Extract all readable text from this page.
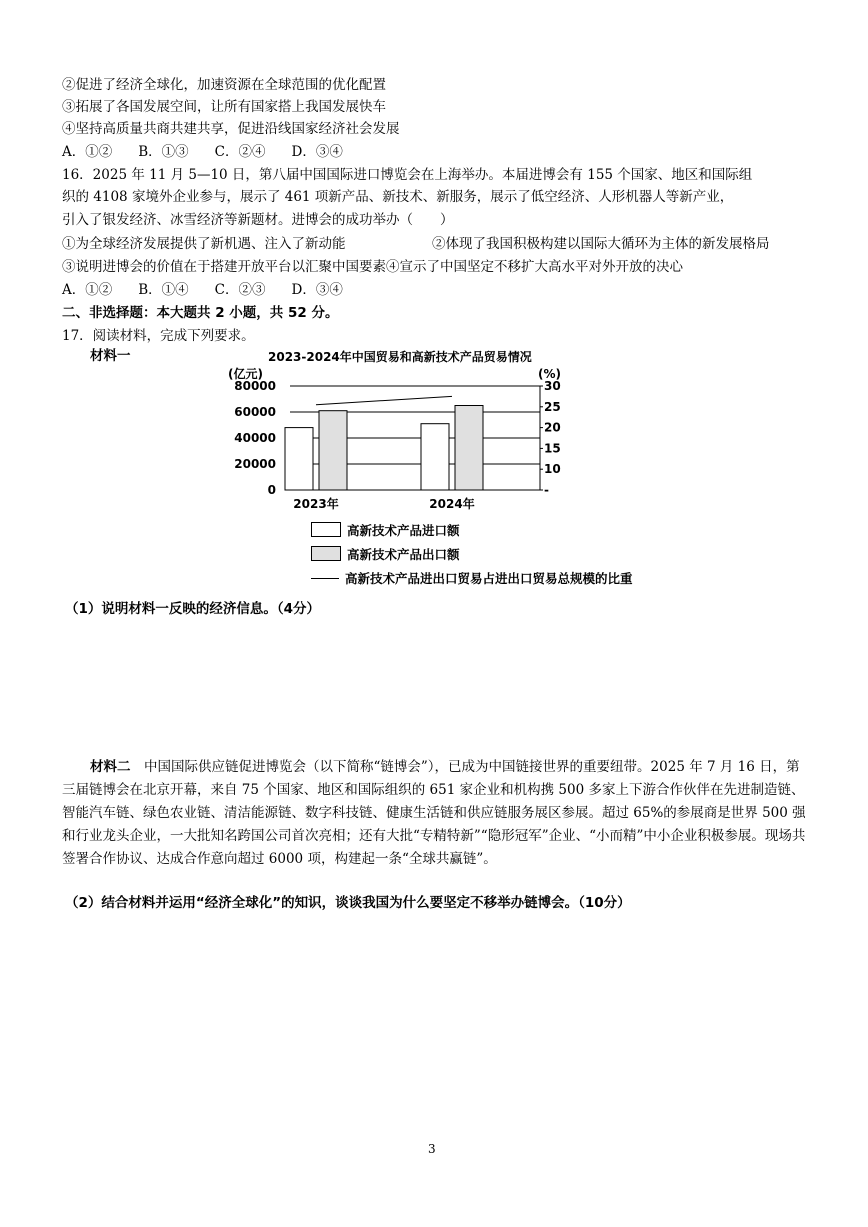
②促进了经济全球化，加速资源在全球范围的优化配置
③拓展了各国发展空间，让所有国家搭上我国发展快车
④坚持高质量共商共建共享，促进沿线国家经济社会发展
A．①② B．①③ C．②④ D．③④
16．2025 年 11 月 5—10 日，第八届中国国际进口博览会在上海举办。本届进博会有 155 个国家、地区和国际组
织的 4108 家境外企业参与，展示了 461 项新产品、新技术、新服务，展示了低空经济、人形机器人等新产业，
引入了银发经济、冰雪经济等新题材。进博会的成功举办（　　）
①为全球经济发展提供了新机遇、注入了新动能	②体现了我国积极构建以国际大循环为主体的新发展格局
③说明进博会的价值在于搭建开放平台以汇聚中国要素④宣示了中国坚定不移扩大高水平对外开放的决心
A．①② B．①④ C．②③ D．③④
二、非选择题：本大题共 2 小题，共 52 分。
17．阅读材料，完成下列要求。
材料一	2023-2024年中国贸易和高新技术产品贸易情况
(亿元)	(%)
80000
60000
40000
20000
0
30
25
20
15
10
-
2023年	2024年
高新技术产品进口额
高新技术产品出口额
高新技术产品进出口贸易占进出口贸易总规模的比重
（1）说明材料一反映的经济信息。（4分）
材料二　 中国国际供应链促进博览会（以下简称“链博会”），已成为中国链接世界的重要纽带。2025 年 7 月 16 日，第三届链博会在北京开幕，来自 75 个国家、地区和国际组织的 651 家企业和机构携 500 多家上下游合作伙伴在先进制造链、智能汽车链、绿色农业链、清洁能源链、数字科技链、健康生活链和供应链服务展区参展。超过 65%的参展商是世界 500 强和行业龙头企业，一大批知名跨国公司首次亮相；还有大批“专精特新”“隐形冠军”企业、“小而精”中小企业积极参展。现场共签署合作协议、达成合作意向超过 6000 项，构建起一条“全球共赢链”。
（2）结合材料并运用“经济全球化”的知识，谈谈我国为什么要坚定不移举办链博会。（10分）
3
